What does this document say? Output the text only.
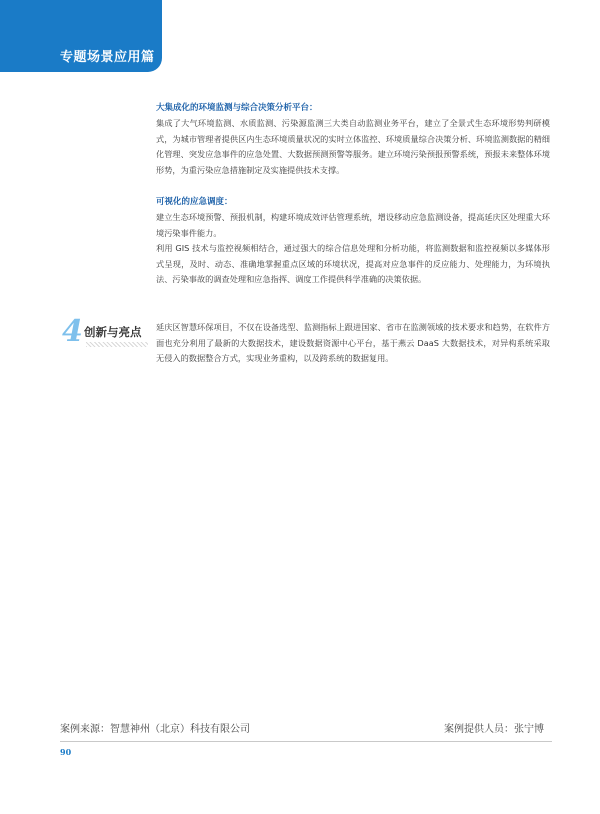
专题场景应用篇
大集成化的环境监测与综合决策分析平台：
集成了大气环境监测、水质监测、污染源监测三大类自动监测业务平台，建立了全景式生态环境形势判研模式，为城市管理者提供区内生态环境质量状况的实时立体监控、环境质量综合决策分析、环境监测数据的精细化管理、突发应急事件的应急处置、大数据预测预警等服务。建立环境污染预报预警系统，预报未来整体环境形势，为重污染应急措施制定及实施提供技术支撑。
可视化的应急调度：
建立生态环境预警、预报机制，构建环境成效评估管理系统，增设移动应急监测设备，提高延庆区处理重大环境污染事件能力。
利用 GIS 技术与监控视频相结合，通过强大的综合信息处理和分析功能，将监测数据和监控视频以多媒体形式呈现，及时、动态、准确地掌握重点区域的环境状况，提高对应急事件的反应能力、处理能力，为环境执法、污染事故的调查处理和应急指挥、调度工作提供科学准确的决策依据。
4 创新与亮点 延庆区智慧环保项目，不仅在设备选型、监测指标上跟进国家、省市在监测领域的技术要求和趋势，在软件方面也充分利用了最新的大数据技术，建设数据资源中心平台，基于燕云 DaaS 大数据技术，对异构系统采取无侵入的数据整合方式，实现业务重构，以及跨系统的数据复用。
案例来源：智慧神州（北京）科技有限公司	案例提供人员：张宁博
90
